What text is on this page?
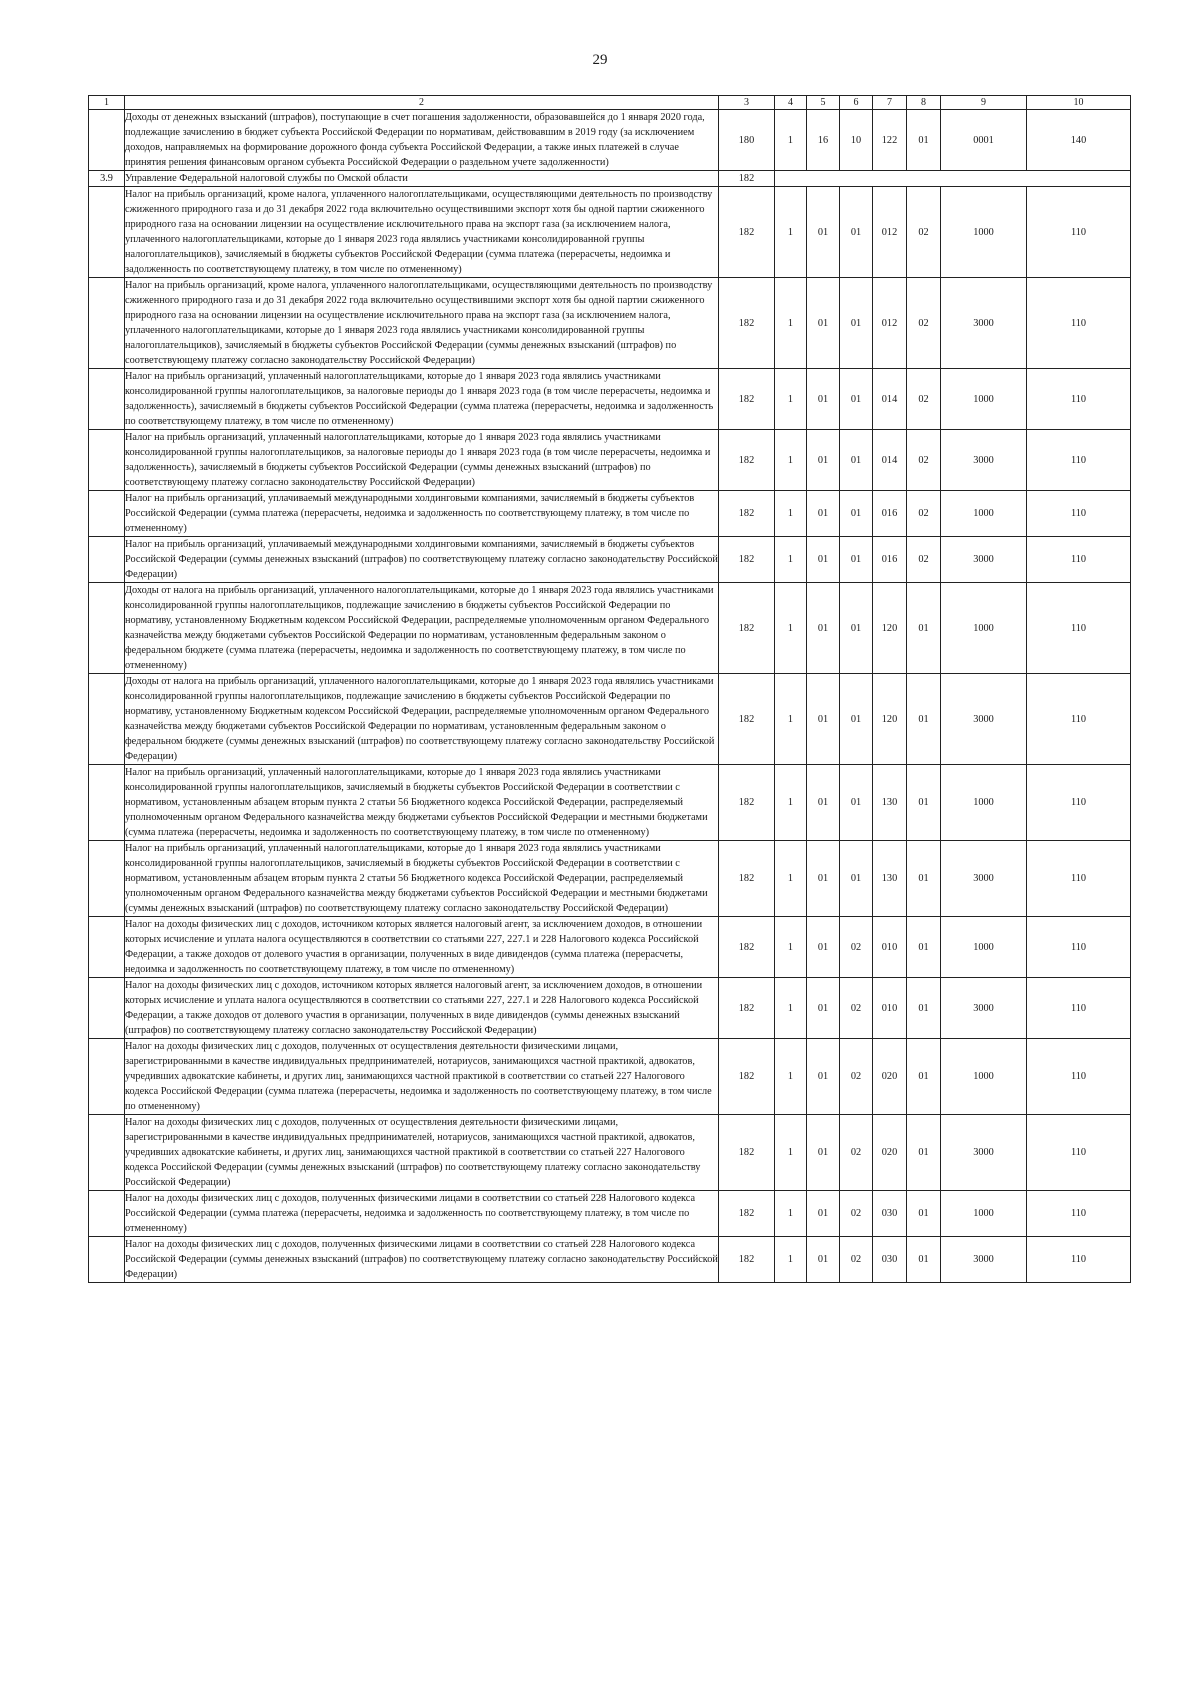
29
1	2	3	4	5	6	7	8	9	10
	Доходы от денежных взысканий (штрафов), поступающие в счет погашения задолженности, образовавшейся до 1 января 2020 года, подлежащие зачислению в бюджет субъекта Российской Федерации по нормативам, действовавшим в 2019 году (за исключением доходов, направляемых на формирование дорожного фонда субъекта Российской Федерации, а также иных платежей в случае принятия решения финансовым органом субъекта Российской Федерации о раздельном учете задолженности)	180	1	16	10	122	01	0001	140
3.9	Управление Федеральной налоговой службы по Омской области	182							
	Налог на прибыль организаций, кроме налога, уплаченного налогоплательщиками, осуществляющими деятельность по производству сжиженного природного газа и до 31 декабря 2022 года включительно осуществившими экспорт хотя бы одной партии сжиженного природного газа на основании лицензии на осуществление исключительного права на экспорт газа (за исключением налога, уплаченного налогоплательщиками, которые до 1 января 2023 года являлись участниками консолидированной группы налогоплательщиков), зачисляемый в бюджеты субъектов Российской Федерации (сумма платежа (перерасчеты, недоимка и задолженность по соответствующему платежу, в том числе по отмененному)	182	1	01	01	012	02	1000	110
	Налог на прибыль организаций, кроме налога, уплаченного налогоплательщиками, осуществляющими деятельность по производству сжиженного природного газа и до 31 декабря 2022 года включительно осуществившими экспорт хотя бы одной партии сжиженного природного газа на основании лицензии на осуществление исключительного права на экспорт газа (за исключением налога, уплаченного налогоплательщиками, которые до 1 января 2023 года являлись участниками консолидированной группы налогоплательщиков), зачисляемый в бюджеты субъектов Российской Федерации (суммы денежных взысканий (штрафов) по соответствующему платежу согласно законодательству Российской Федерации)	182	1	01	01	012	02	3000	110
	Налог на прибыль организаций, уплаченный налогоплательщиками, которые до 1 января 2023 года являлись участниками консолидированной группы налогоплательщиков, за налоговые периоды до 1 января 2023 года (в том числе перерасчеты, недоимка и задолженность), зачисляемый в бюджеты субъектов Российской Федерации (сумма платежа (перерасчеты, недоимка и задолженность по соответствующему платежу, в том числе по отмененному)	182	1	01	01	014	02	1000	110
	Налог на прибыль организаций, уплаченный налогоплательщиками, которые до 1 января 2023 года являлись участниками консолидированной группы налогоплательщиков, за налоговые периоды до 1 января 2023 года (в том числе перерасчеты, недоимка и задолженность), зачисляемый в бюджеты субъектов Российской Федерации (суммы денежных взысканий (штрафов) по соответствующему платежу согласно законодательству Российской Федерации)	182	1	01	01	014	02	3000	110
	Налог на прибыль организаций, уплачиваемый международными холдинговыми компаниями, зачисляемый в бюджеты субъектов Российской Федерации (сумма платежа (перерасчеты, недоимка и задолженность по соответствующему платежу, в том числе по отмененному)	182	1	01	01	016	02	1000	110
	Налог на прибыль организаций, уплачиваемый международными холдинговыми компаниями, зачисляемый в бюджеты субъектов Российской Федерации (суммы денежных взысканий (штрафов) по соответствующему платежу согласно законодательству Российской Федерации)	182	1	01	01	016	02	3000	110
	Доходы от налога на прибыль организаций, уплаченного налогоплательщиками, которые до 1 января 2023 года являлись участниками консолидированной группы налогоплательщиков, подлежащие зачислению в бюджеты субъектов Российской Федерации по нормативу, установленному Бюджетным кодексом Российской Федерации, распределяемые уполномоченным органом Федерального казначейства между бюджетами субъектов Российской Федерации по нормативам, установленным федеральным законом о федеральном бюджете (сумма платежа (перерасчеты, недоимка и задолженность по соответствующему платежу, в том числе по отмененному)	182	1	01	01	120	01	1000	110
	Доходы от налога на прибыль организаций, уплаченного налогоплательщиками, которые до 1 января 2023 года являлись участниками консолидированной группы налогоплательщиков, подлежащие зачислению в бюджеты субъектов Российской Федерации по нормативу, установленному Бюджетным кодексом Российской Федерации, распределяемые уполномоченным органом Федерального казначейства между бюджетами субъектов Российской Федерации по нормативам, установленным федеральным законом о федеральном бюджете (суммы денежных взысканий (штрафов) по соответствующему платежу согласно законодательству Российской Федерации)	182	1	01	01	120	01	3000	110
	Налог на прибыль организаций, уплаченный налогоплательщиками, которые до 1 января 2023 года являлись участниками консолидированной группы налогоплательщиков, зачисляемый в бюджеты субъектов Российской Федерации в соответствии с нормативом, установленным абзацем вторым пункта 2 статьи 56 Бюджетного кодекса Российской Федерации, распределяемый уполномоченным органом Федерального казначейства между бюджетами субъектов Российской Федерации и местными бюджетами (сумма платежа (перерасчеты, недоимка и задолженность по соответствующему платежу, в том числе по отмененному)	182	1	01	01	130	01	1000	110
	Налог на прибыль организаций, уплаченный налогоплательщиками, которые до 1 января 2023 года являлись участниками консолидированной группы налогоплательщиков, зачисляемый в бюджеты субъектов Российской Федерации в соответствии с нормативом, установленным абзацем вторым пункта 2 статьи 56 Бюджетного кодекса Российской Федерации, распределяемый уполномоченным органом Федерального казначейства между бюджетами субъектов Российской Федерации и местными бюджетами (суммы денежных взысканий (штрафов) по соответствующему платежу согласно законодательству Российской Федерации)	182	1	01	01	130	01	3000	110
	Налог на доходы физических лиц с доходов, источником которых является налоговый агент, за исключением доходов, в отношении которых исчисление и уплата налога осуществляются в соответствии со статьями 227, 227.1 и 228 Налогового кодекса Российской Федерации, а также доходов от долевого участия в организации, полученных в виде дивидендов (сумма платежа (перерасчеты, недоимка и задолженность по соответствующему платежу, в том числе по отмененному)	182	1	01	02	010	01	1000	110
	Налог на доходы физических лиц с доходов, источником которых является налоговый агент, за исключением доходов, в отношении которых исчисление и уплата налога осуществляются в соответствии со статьями 227, 227.1 и 228 Налогового кодекса Российской Федерации, а также доходов от долевого участия в организации, полученных в виде дивидендов (суммы денежных взысканий (штрафов) по соответствующему платежу согласно законодательству Российской Федерации)	182	1	01	02	010	01	3000	110
	Налог на доходы физических лиц с доходов, полученных от осуществления деятельности физическими лицами, зарегистрированными в качестве индивидуальных предпринимателей, нотариусов, занимающихся частной практикой, адвокатов, учредивших адвокатские кабинеты, и других лиц, занимающихся частной практикой в соответствии со статьей 227 Налогового кодекса Российской Федерации (сумма платежа (перерасчеты, недоимка и задолженность по соответствующему платежу, в том числе по отмененному)	182	1	01	02	020	01	1000	110
	Налог на доходы физических лиц с доходов, полученных от осуществления деятельности физическими лицами, зарегистрированными в качестве индивидуальных предпринимателей, нотариусов, занимающихся частной практикой, адвокатов, учредивших адвокатские кабинеты, и других лиц, занимающихся частной практикой в соответствии со статьей 227 Налогового кодекса Российской Федерации (суммы денежных взысканий (штрафов) по соответствующему платежу согласно законодательству Российской Федерации)	182	1	01	02	020	01	3000	110
	Налог на доходы физических лиц с доходов, полученных физическими лицами в соответствии со статьей 228 Налогового кодекса Российской Федерации (сумма платежа (перерасчеты, недоимка и задолженность по соответствующему платежу, в том числе по отмененному)	182	1	01	02	030	01	1000	110
	Налог на доходы физических лиц с доходов, полученных физическими лицами в соответствии со статьей 228 Налогового кодекса Российской Федерации (суммы денежных взысканий (штрафов) по соответствующему платежу согласно законодательству Российской Федерации)	182	1	01	02	030	01	3000	110
